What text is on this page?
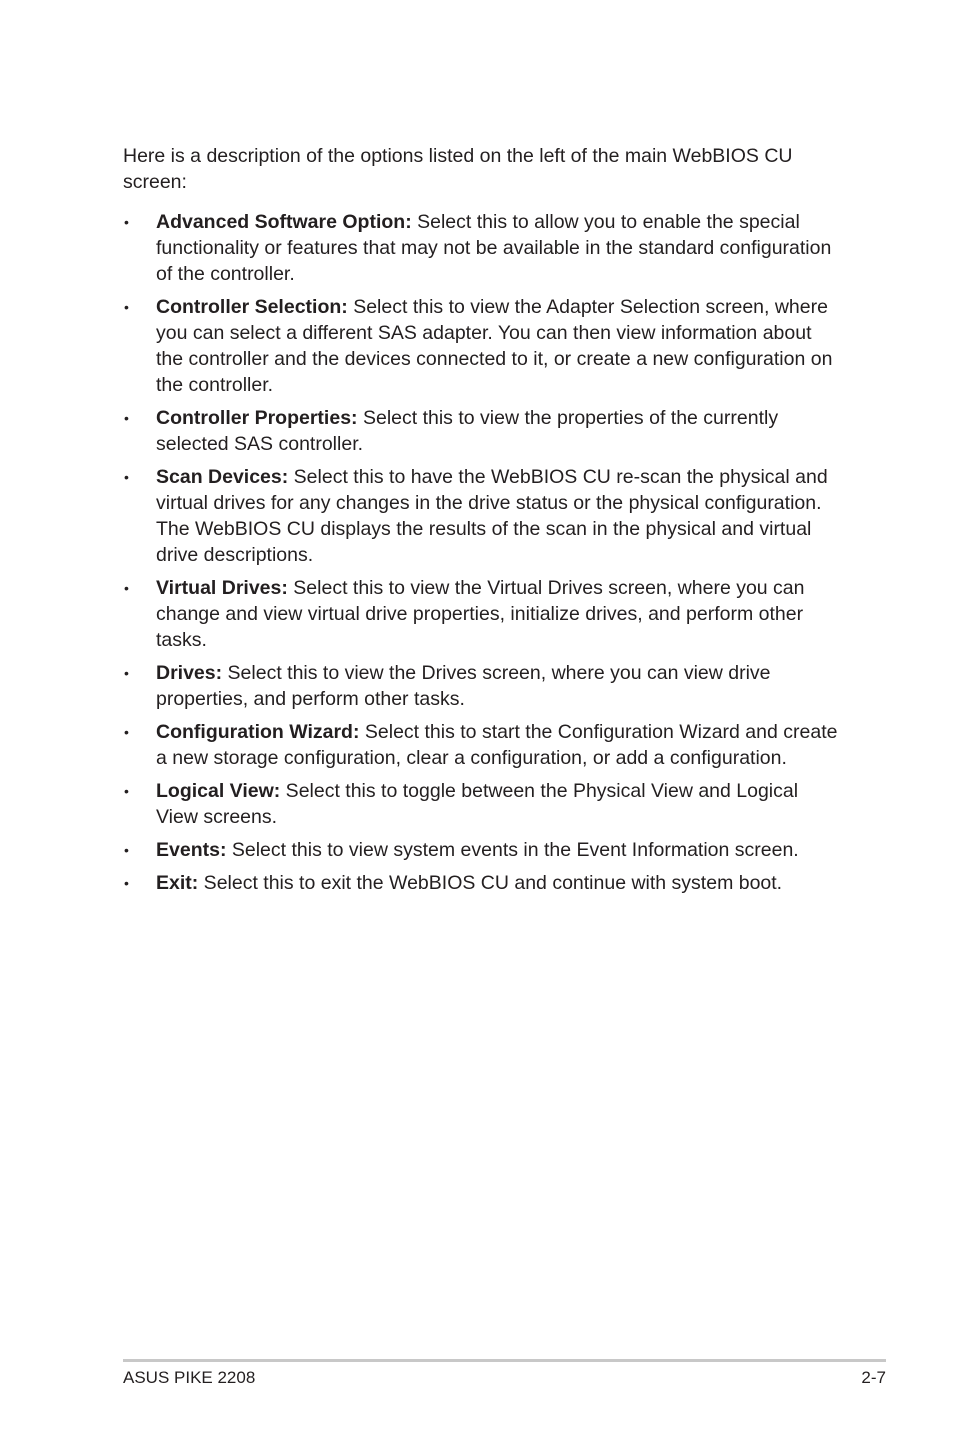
Here is a description of the options listed on the left of the main WebBIOS CU screen:

• Advanced Software Option: Select this to allow you to enable the special functionality or features that may not be available in the standard configuration of the controller.
• Controller Selection: Select this to view the Adapter Selection screen, where you can select a different SAS adapter. You can then view information about the controller and the devices connected to it, or create a new configuration on the controller.
• Controller Properties: Select this to view the properties of the currently selected SAS controller.
• Scan Devices: Select this to have the WebBIOS CU re-scan the physical and virtual drives for any changes in the drive status or the physical configuration. The WebBIOS CU displays the results of the scan in the physical and virtual drive descriptions.
• Virtual Drives: Select this to view the Virtual Drives screen, where you can change and view virtual drive properties, initialize drives, and perform other tasks.
• Drives: Select this to view the Drives screen, where you can view drive properties, and perform other tasks.
• Configuration Wizard: Select this to start the Configuration Wizard and create a new storage configuration, clear a configuration, or add a configuration.
• Logical View: Select this to toggle between the Physical View and Logical View screens.
• Events: Select this to view system events in the Event Information screen.
• Exit: Select this to exit the WebBIOS CU and continue with system boot.
ASUS PIKE 2208	2-7
